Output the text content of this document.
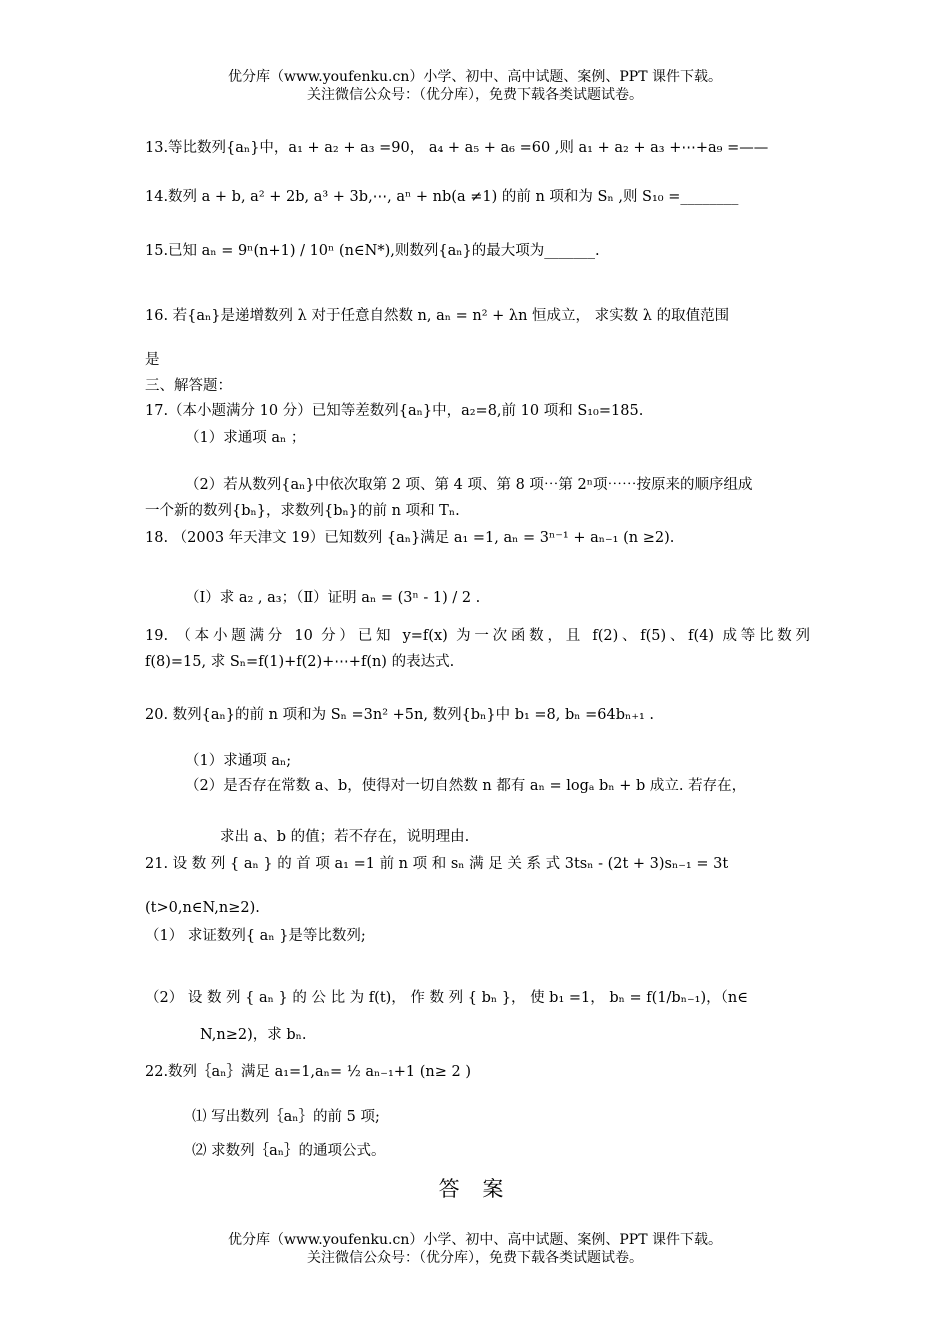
优分库（www.youfenku.cn）小学、初中、高中试题、案例、PPT 课件下载。
关注微信公众号：（优分库），免费下载各类试题试卷。
13.等比数列{aₙ}中，a₁ + a₂ + a₃ =90， a₄ + a₅ + a₆ =60 ,则 a₁ + a₂ + a₃ +⋯+a₉ =——
14.数列 a + b, a² + 2b, a³ + 3b,⋯, aⁿ + nb(a ≠1) 的前 n 项和为 Sₙ ,则 S₁₀ =________
15.已知 aₙ = 9ⁿ(n+1) / 10ⁿ (n∈N*),则数列{aₙ}的最大项为_______.
16. 若{aₙ}是递增数列 λ 对于任意自然数 n, aₙ = n² + λn 恒成立， 求实数 λ 的取值范围
是
三、解答题：
17.（本小题满分 10 分）已知等差数列{aₙ}中，a₂=8,前 10 项和 S₁₀=185.
（1）求通项 aₙ ；
（2）若从数列{aₙ}中依次取第 2 项、第 4 项、第 8 项⋯第 2ⁿ项⋯⋯按原来的顺序组成
一个新的数列{bₙ}，求数列{bₙ}的前 n 项和 Tₙ.
18. （2003 年天津文 19）已知数列 {aₙ}满足 a₁ =1, aₙ = 3ⁿ⁻¹ + aₙ₋₁ (n ≥2).
（Ⅰ）求 a₂ , a₃；（Ⅱ）证明 aₙ = (3ⁿ - 1) / 2 .
19. （本小题满分 10 分）已知 y=f(x) 为一次函数，且 f(2)、f(5)、f(4) 成等比数列
f(8)=15, 求 Sₙ=f(1)+f(2)+⋯+f(n) 的表达式.
20. 数列{aₙ}的前 n 项和为 Sₙ =3n² +5n, 数列{bₙ}中 b₁ =8, bₙ =64bₙ₊₁ .
（1）求通项 aₙ;
（2）是否存在常数 a、b，使得对一切自然数 n 都有 aₙ = logₐ bₙ + b 成立. 若存在，
求出 a、b 的值；若不存在，说明理由.
21. 设 数 列 { aₙ } 的 首 项 a₁ =1 前 n 项 和 sₙ 满 足 关 系 式 3tsₙ - (2t + 3)sₙ₋₁ = 3t
(t>0,n∈N,n≥2).
（1） 求证数列{ aₙ }是等比数列;
（2） 设 数 列 { aₙ } 的 公 比 为 f(t)， 作 数 列 { bₙ }， 使 b₁ =1， bₙ = f(1/bₙ₋₁)，（n∈
N,n≥2)，求 bₙ.
22.数列｛aₙ｝满足 a₁=1,aₙ= ½ aₙ₋₁+1 (n≥ 2 )
⑴ 写出数列｛aₙ｝的前 5 项;
⑵ 求数列｛aₙ｝的通项公式。
答 案
优分库（www.youfenku.cn）小学、初中、高中试题、案例、PPT 课件下载。
关注微信公众号：（优分库），免费下载各类试题试卷。
